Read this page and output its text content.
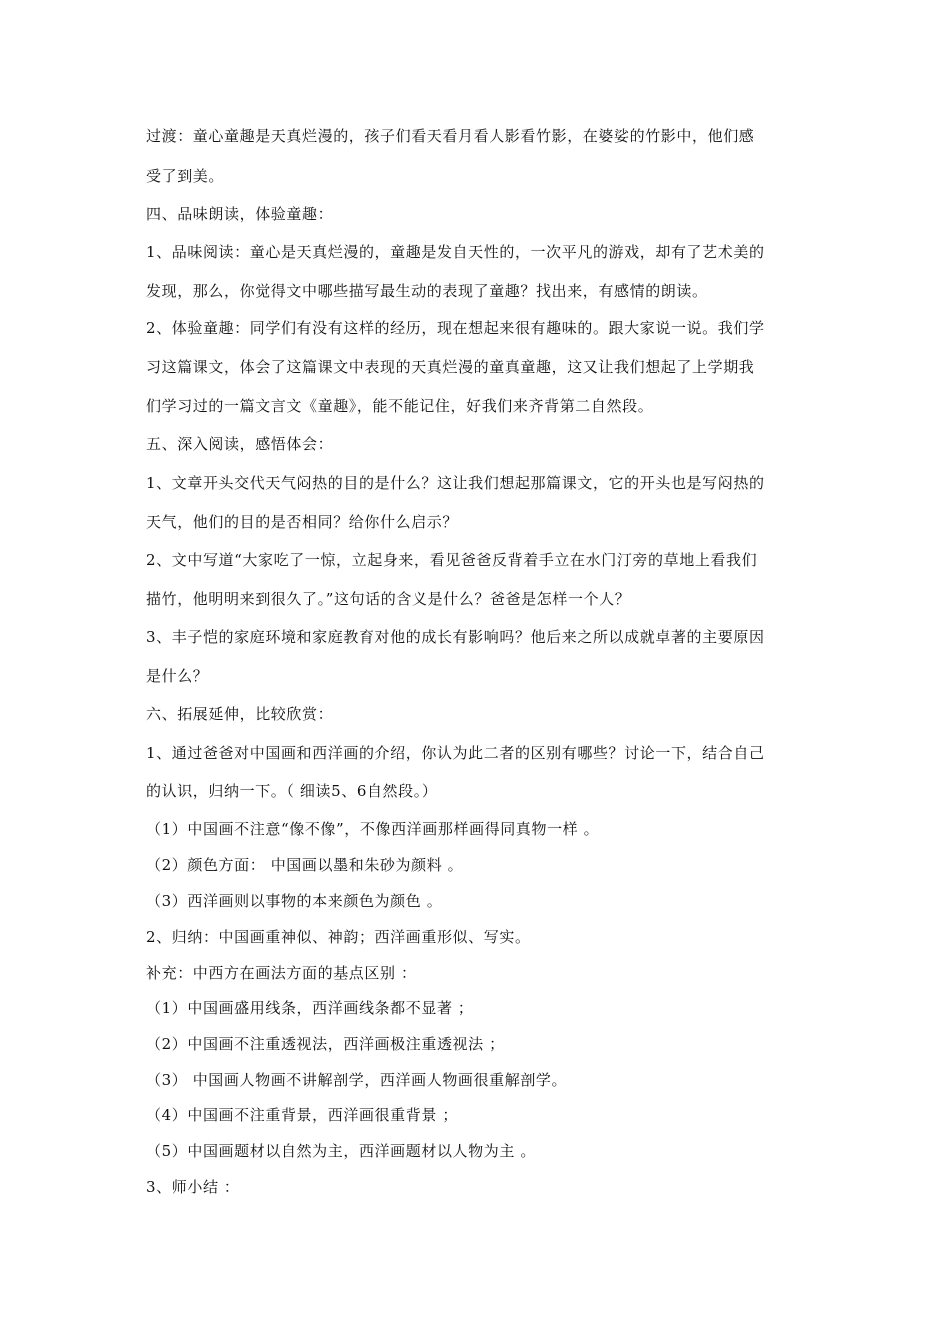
过渡：童心童趣是天真烂漫的，孩子们看天看月看人影看竹影，在婆娑的竹影中，他们感
受了到美。
四、品味朗读，体验童趣：
1、品味阅读：童心是天真烂漫的，童趣是发自天性的，一次平凡的游戏，却有了艺术美的
发现，那么，你觉得文中哪些描写最生动的表现了童趣？找出来，有感情的朗读。
2、体验童趣：同学们有没有这样的经历，现在想起来很有趣味的。跟大家说一说。我们学
习这篇课文，体会了这篇课文中表现的天真烂漫的童真童趣，这又让我们想起了上学期我
们学习过的一篇文言文《童趣》，能不能记住，好我们来齐背第二自然段。
五、深入阅读，感悟体会：
1、文章开头交代天气闷热的目的是什么？这让我们想起那篇课文，它的开头也是写闷热的
天气，他们的目的是否相同？给你什么启示？
2、文中写道“大家吃了一惊，立起身来，看见爸爸反背着手立在水门汀旁的草地上看我们
描竹，他明明来到很久了。”这句话的含义是什么？爸爸是怎样一个人？
3、丰子恺的家庭环境和家庭教育对他的成长有影响吗？他后来之所以成就卓著的主要原因
是什么？
六、拓展延伸，比较欣赏：
1、通过爸爸对中国画和西洋画的介绍，你认为此二者的区别有哪些？讨论一下，结合自己
的认识，归纳一下。（ 细读5、6自然段。）
（1）中国画不注意“像不像”，不像西洋画那样画得同真物一样 。
（2）颜色方面： 中国画以墨和朱砂为颜料 。
（3）西洋画则以事物的本来颜色为颜色 。
2、归纳：中国画重神似、神韵；西洋画重形似、写实。
补充：中西方在画法方面的基点区别 ：
（1）中国画盛用线条，西洋画线条都不显著 ；
（2）中国画不注重透视法，西洋画极注重透视法 ；
（3） 中国画人物画不讲解剖学，西洋画人物画很重解剖学。
（4）中国画不注重背景，西洋画很重背景 ；
（5）中国画题材以自然为主，西洋画题材以人物为主 。
3、师小结 ：
